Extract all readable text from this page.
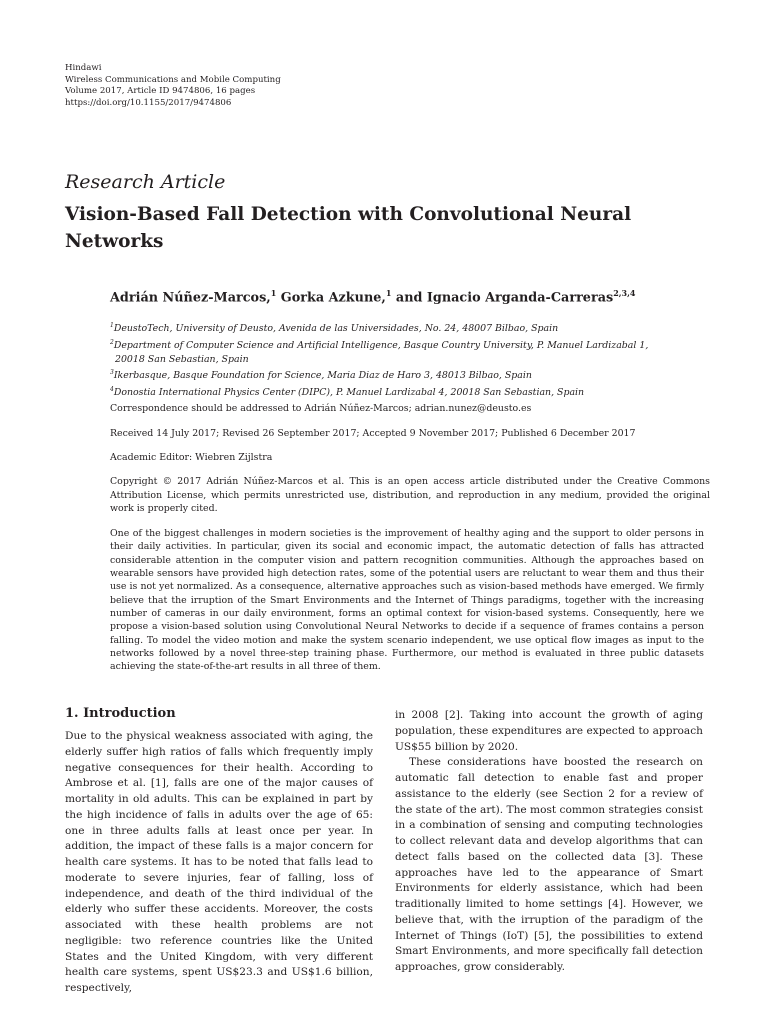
Hindawi
Wireless Communications and Mobile Computing
Volume 2017, Article ID 9474806, 16 pages
https://doi.org/10.1155/2017/9474806
Research Article
Vision-Based Fall Detection with Convolutional Neural Networks
Adrián Núñez-Marcos,$^1$ Gorka Azkune,$^1$ and Ignacio Arganda-Carreras$^{2,3,4}$
$^1$DeustoTech, University of Deusto, Avenida de las Universidades, No. 24, 48007 Bilbao, Spain
$^2$Department of Computer Science and Artificial Intelligence, Basque Country University, P. Manuel Lardizabal 1,
20018 San Sebastian, Spain
$^3$Ikerbasque, Basque Foundation for Science, Maria Diaz de Haro 3, 48013 Bilbao, Spain
$^4$Donostia International Physics Center (DIPC), P. Manuel Lardizabal 4, 20018 San Sebastian, Spain
Correspondence should be addressed to Adrián Núñez-Marcos; adrian.nunez@deusto.es
Received 14 July 2017; Revised 26 September 2017; Accepted 9 November 2017; Published 6 December 2017
Academic Editor: Wiebren Zijlstra
Copyright © 2017 Adrián Núñez-Marcos et al. This is an open access article distributed under the Creative Commons Attribution License, which permits unrestricted use, distribution, and reproduction in any medium, provided the original work is properly cited.

One of the biggest challenges in modern societies is the improvement of healthy aging and the support to older persons in their daily activities. In particular, given its social and economic impact, the automatic detection of falls has attracted considerable attention in the computer vision and pattern recognition communities. Although the approaches based on wearable sensors have provided high detection rates, some of the potential users are reluctant to wear them and thus their use is not yet normalized. As a consequence, alternative approaches such as vision-based methods have emerged. We firmly believe that the irruption of the Smart Environments and the Internet of Things paradigms, together with the increasing number of cameras in our daily environment, forms an optimal context for vision-based systems. Consequently, here we propose a vision-based solution using Convolutional Neural Networks to decide if a sequence of frames contains a person falling. To model the video motion and make the system scenario independent, we use optical flow images as input to the networks followed by a novel three-step training phase. Furthermore, our method is evaluated in three public datasets achieving the state-of-the-art results in all three of them.

1. Introduction

Due to the physical weakness associated with aging, the elderly suffer high ratios of falls which frequently imply negative consequences for their health. According to Ambrose et al. [1], falls are one of the major causes of mortality in old adults. This can be explained in part by the high incidence of falls in adults over the age of 65: one in three adults falls at least once per year. In addition, the impact of these falls is a major concern for health care systems. It has to be noted that falls lead to moderate to severe injuries, fear of falling, loss of independence, and death of the third individual of the elderly who suffer these accidents. Moreover, the costs associated with these health problems are not negligible: two reference countries like the United States and the United Kingdom, with very different health care systems, spent US$23.3 and US$1.6 billion, respectively,

in 2008 [2]. Taking into account the growth of aging population, these expenditures are expected to approach US$55 billion by 2020.

These considerations have boosted the research on automatic fall detection to enable fast and proper assistance to the elderly (see Section 2 for a review of the state of the art). The most common strategies consist in a combination of sensing and computing technologies to collect relevant data and develop algorithms that can detect falls based on the collected data [3]. These approaches have led to the appearance of Smart Environments for elderly assistance, which had been traditionally limited to home settings [4]. However, we believe that, with the irruption of the paradigm of the Internet of Things (IoT) [5], the possibilities to extend Smart Environments, and more specifically fall detection approaches, grow considerably.
